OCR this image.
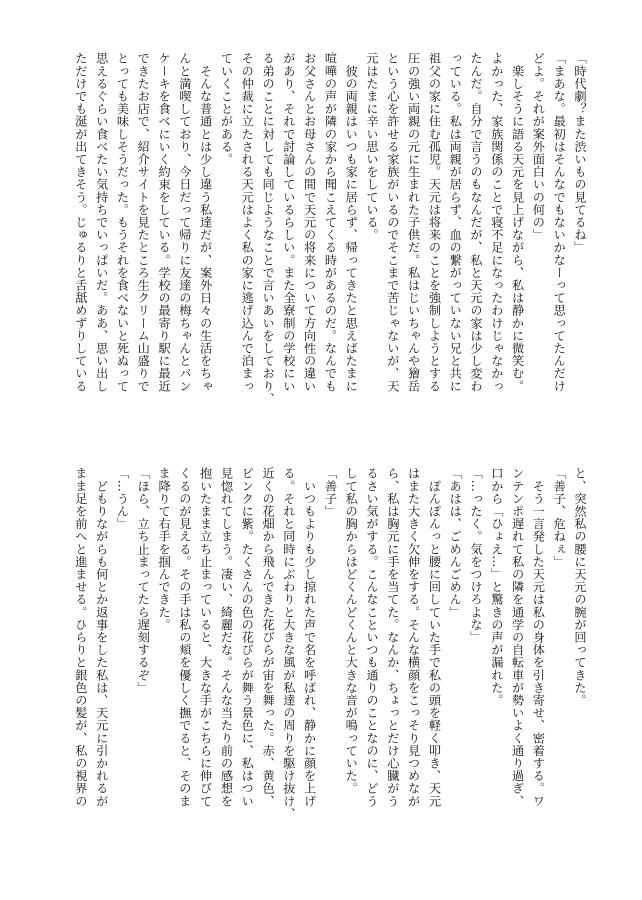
「時代劇？また渋いもの見てるね」
「まあな。最初はそんなでもないかなーって思ってたんだけ
どよ。それが案外面白いの何の」
　楽しそうに語る天元を見上げながら、私は静かに微笑む。
よかった、家族関係のことで寝不足になったわけじゃなかっ
たんだ。自分で言うのもなんだが、私と天元の家は少し変わ
っている。私は両親が居らず、血の繋がっていない兄と共に
祖父の家に住む孤児。天元は将来のことを強制しようとする
圧の強い両親の元に生まれた子供だ。私はじいちゃんや獪岳
という心を許せる家族がいるのでそこまで苦じゃないが、天
元はたまに辛い思いをしている。
　彼の両親はいつも家に居らず、帰ってきたと思えばたまに
喧嘩の声が隣の家から聞こえてくる時があるのだ。なんでも
お父さんとお母さんの間で天元の将来について方向性の違い
があり、それで討論しているらしい。また全寮制の学校にい
る弟のことに対しても同じようなことで言いあいをしており、
その仲裁に立たされる天元はよく私の家に逃げ込んで泊まっ
ていくことがある。
　そんな普通とは少し違う私達だが、案外日々の生活をちゃ
んと満喫しており、今日だって帰りに友達の梅ちゃんとパン
ケーキを食べにいく約束をしている。学校の最寄り駅に最近
できたお店で、紹介サイトを見たところ生クリーム山盛りで
とっても美味しそうだった。もうそれを食べないと死ぬって
思えるぐらい食べたい気持ちでいっぱいだ。ああ、思い出し
ただけでも涎が出てきそう。じゅるりと舌舐めずりしている
と、突然私の腰に天元の腕が回ってきた。
「善子、危ねぇ」
　そう一言発した天元は私の身体を引き寄せ、密着する。ワ
ンテンポ遅れて私の隣を通学の自転車が勢いよく通り過ぎ、
口から「ひょえ…」と驚きの声が漏れた。
「…ったく。気をつけろよな」
「あはは、ごめんごめん」
　ぽんぽんっと腰に回していた手で私の頭を軽く叩き、天元
はまた大きく欠伸をする。そんな横顔をこっそり見つめなが
ら、私は胸元に手を当てた。なんか、ちょっとだけ心臓がう
るさい気がする。こんなこといつも通りのことなのに、どう
して私の胸からはどくんどくんと大きな音が鳴っていた。
「善子」
　いつもよりも少し掠れた声で名を呼ばれ、静かに顔を上げ
る。それと同時にぶわりと大きな風が私達の周りを駆け抜け、
近くの花畑から飛んできた花びらが宙を舞った。赤、黄色、
ピンクに紫。たくさんの色の花びらが舞う景色に、私はつい
見惚れてしまう。凄い、綺麗だな。そんな当たり前の感想を
抱いたまま立ち止まっていると、大きな手がこちらに伸びて
くるのが見える。その手は私の頬を優しく撫でると、そのま
ま降りて右手を掴んできた。
「ほら、立ち止まってたら遅刻するぞ」
「…うん」
　どもりながらも何とか返事をした私は、天元に引かれるが
まま足を前へと進ませる。ひらりと銀色の髪が、私の視界の
